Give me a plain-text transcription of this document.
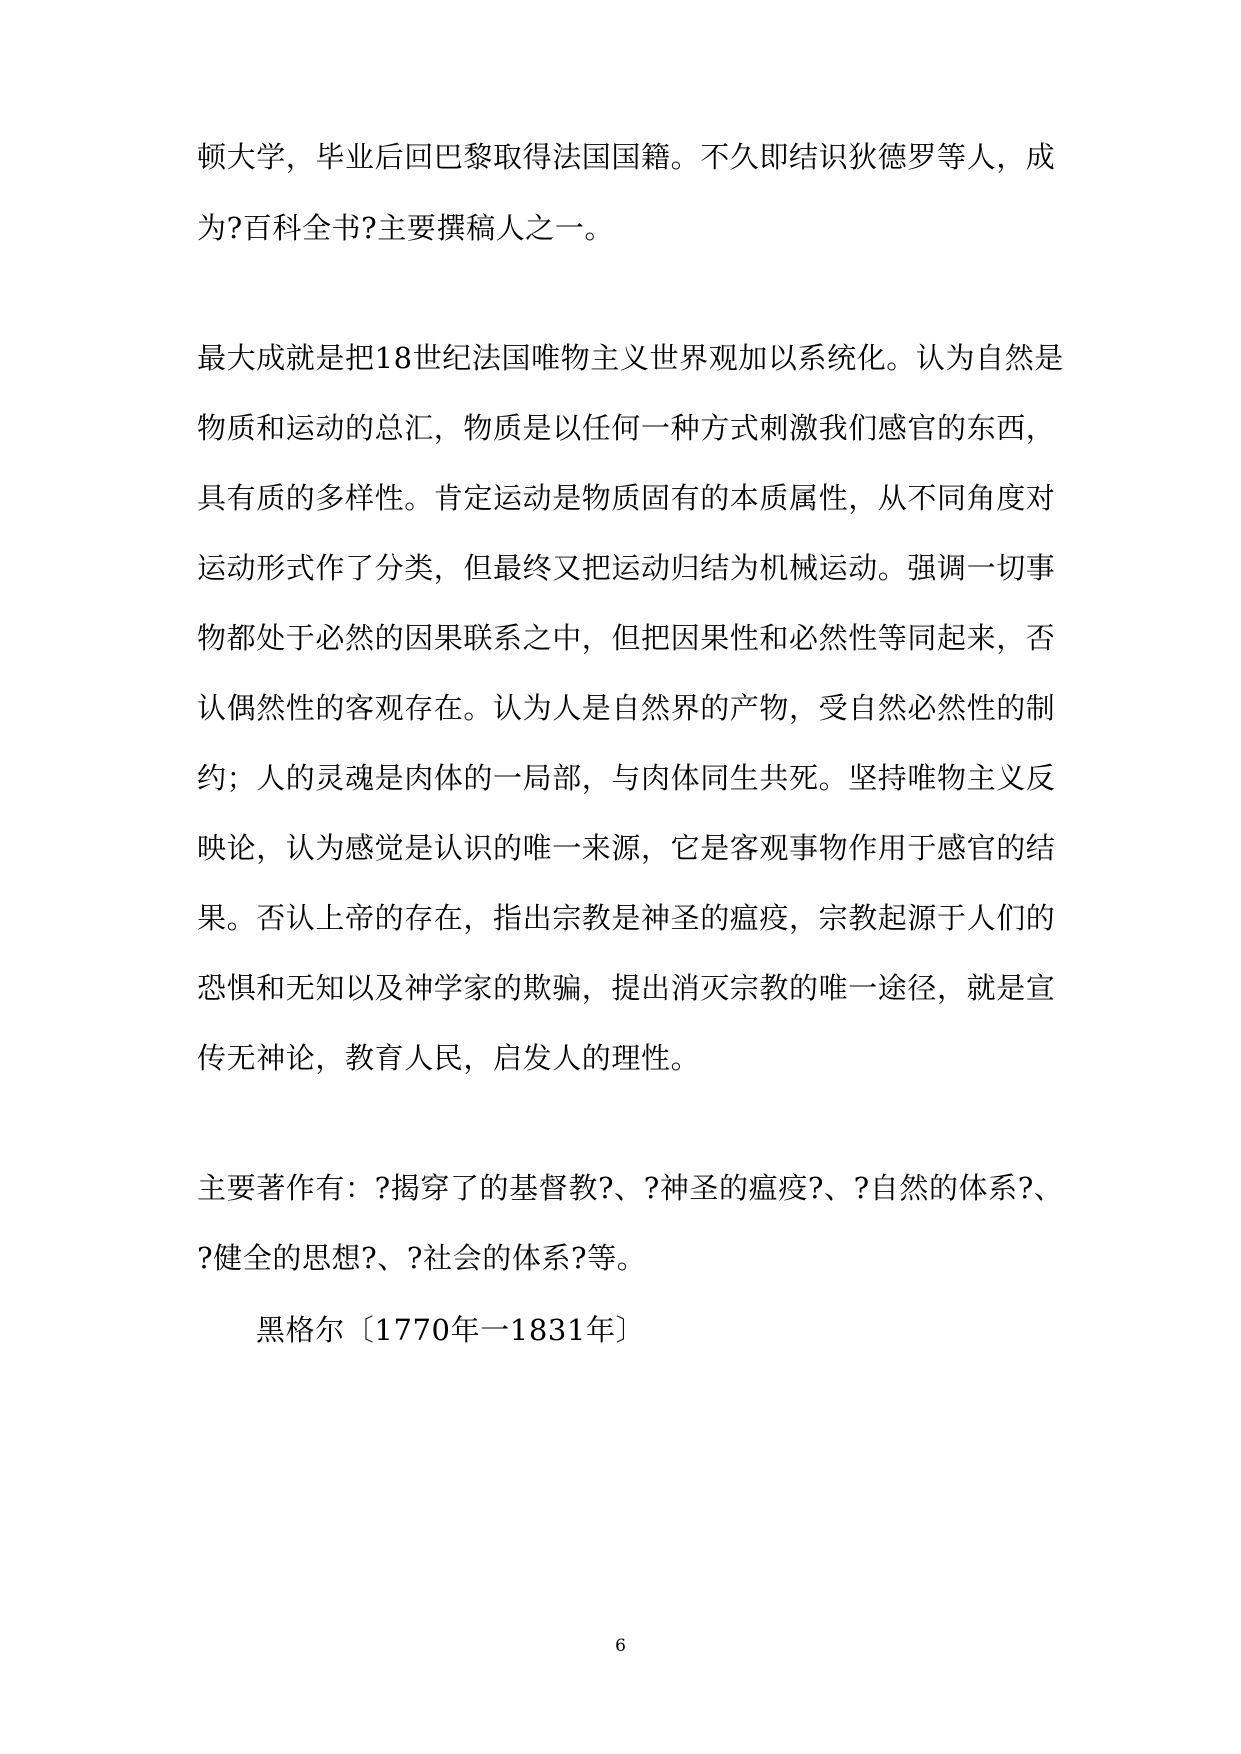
顿大学，毕业后回巴黎取得法国国籍。不久即结识狄德罗等人，成
为?百科全书?主要撰稿人之一。
最大成就是把18世纪法国唯物主义世界观加以系统化。认为自然是
物质和运动的总汇，物质是以任何一种方式刺激我们感官的东西，
具有质的多样性。肯定运动是物质固有的本质属性，从不同角度对
运动形式作了分类，但最终又把运动归结为机械运动。强调一切事
物都处于必然的因果联系之中，但把因果性和必然性等同起来，否
认偶然性的客观存在。认为人是自然界的产物，受自然必然性的制
约；人的灵魂是肉体的一局部，与肉体同生共死。坚持唯物主义反
映论，认为感觉是认识的唯一来源，它是客观事物作用于感官的结
果。否认上帝的存在，指出宗教是神圣的瘟疫，宗教起源于人们的
恐惧和无知以及神学家的欺骗，提出消灭宗教的唯一途径，就是宣
传无神论，教育人民，启发人的理性。
主要著作有：?揭穿了的基督教?、?神圣的瘟疫?、?自然的体系?、
?健全的思想?、?社会的体系?等。
黑格尔〔1770年一1831年〕
6
